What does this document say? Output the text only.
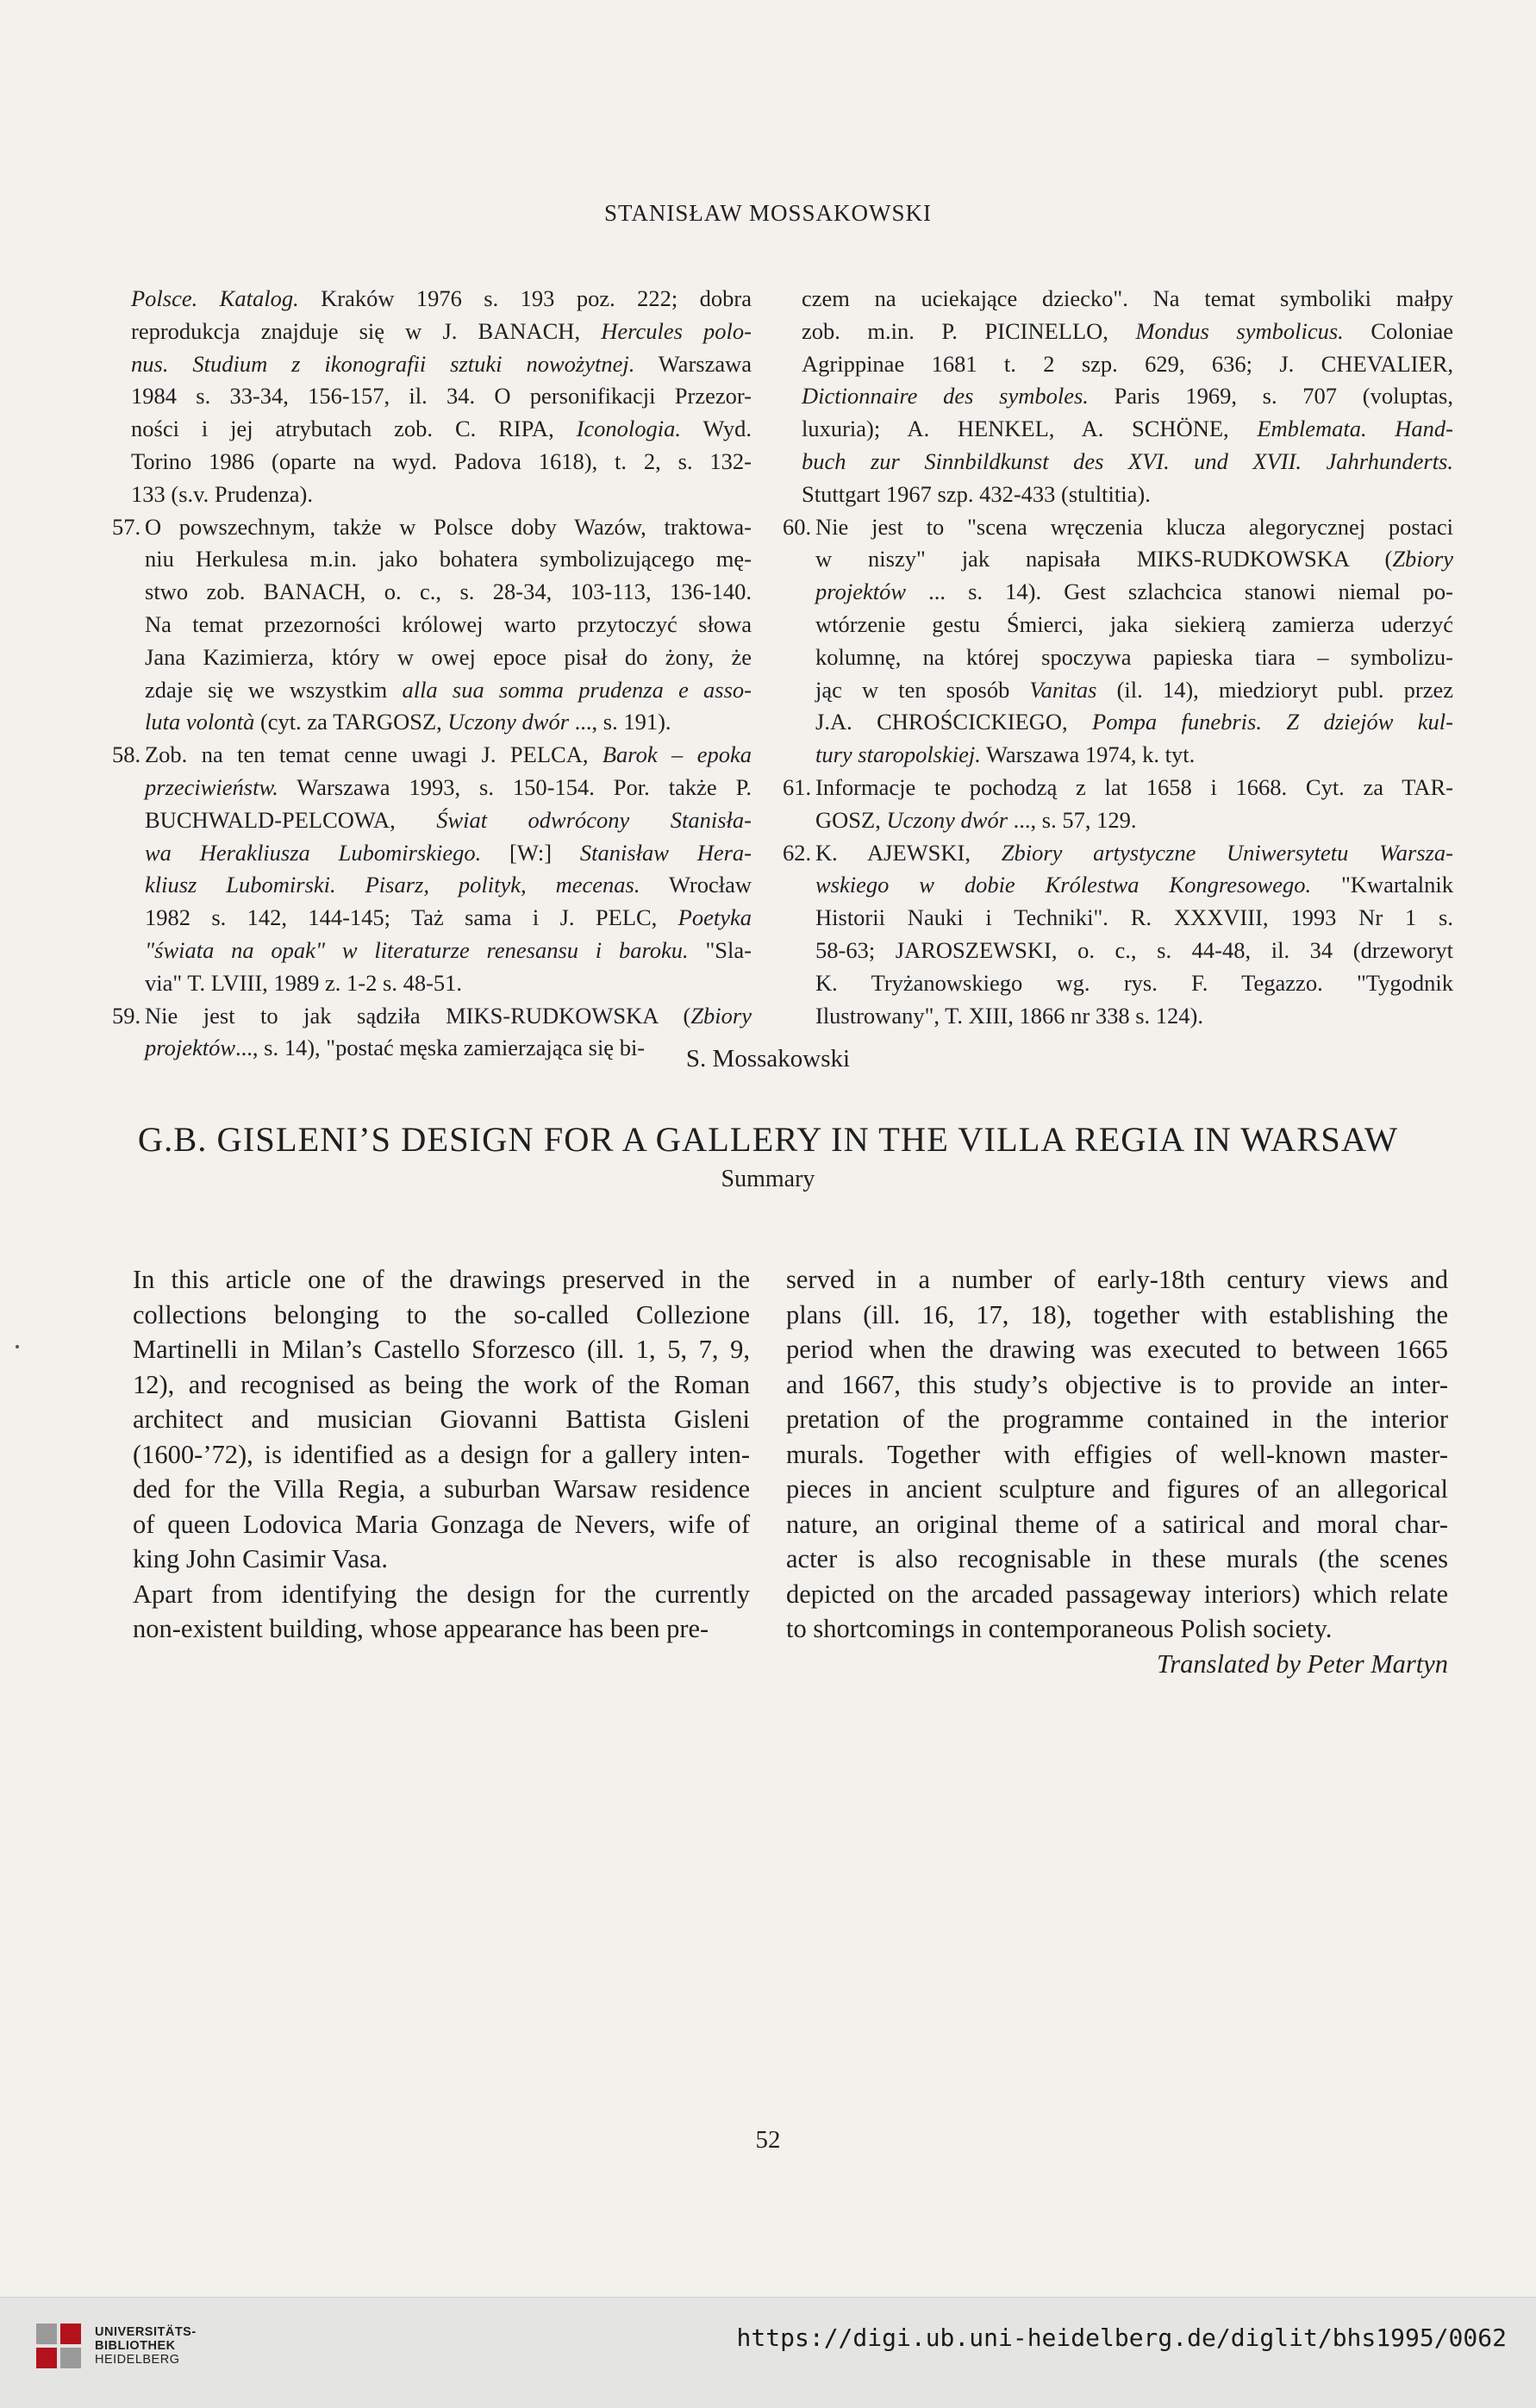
STANISŁAW MOSSAKOWSKI
Polsce. Katalog. Kraków 1976 s. 193 poz. 222; dobra
reprodukcja znajduje się w J. BANACH, Hercules polo-
nus. Studium z ikonografii sztuki nowożytnej. Warszawa
1984 s. 33-34, 156-157, il. 34. O personifikacji Przezor-
ności i jej atrybutach zob. C. RIPA, Iconologia. Wyd.
Torino 1986 (oparte na wyd. Padova 1618), t. 2, s. 132-
133 (s.v. Prudenza).
57. O powszechnym, także w Polsce doby Wazów, traktowa-
niu Herkulesa m.in. jako bohatera symbolizującego mę-
stwo zob. BANACH, o. c., s. 28-34, 103-113, 136-140.
Na temat przezorności królowej warto przytoczyć słowa
Jana Kazimierza, który w owej epoce pisał do żony, że
zdaje się we wszystkim alla sua somma prudenza e asso-
luta volontà (cyt. za TARGOSZ, Uczony dwór ..., s. 191).
58. Zob. na ten temat cenne uwagi J. PELCA, Barok – epoka
przeciwieństw. Warszawa 1993, s. 150-154. Por. także P.
BUCHWALD-PELCOWA, Świat odwrócony Stanisła-
wa Herakliusza Lubomirskiego. [W:] Stanisław Hera-
kliusz Lubomirski. Pisarz, polityk, mecenas. Wrocław
1982 s. 142, 144-145; Taż sama i J. PELC, Poetyka
"świata na opak" w literaturze renesansu i baroku. "Sla-
via" T. LVIII, 1989 z. 1-2 s. 48-51.
59. Nie jest to jak sądziła MIKS-RUDKOWSKA (Zbiory
projektów..., s. 14), "postać męska zamierzająca się bi-
czem na uciekające dziecko". Na temat symboliki małpy
zob. m.in. P. PICINELLO, Mondus symbolicus. Coloniae
Agrippinae 1681 t. 2 szp. 629, 636; J. CHEVALIER,
Dictionnaire des symboles. Paris 1969, s. 707 (voluptas,
luxuria); A. HENKEL, A. SCHÖNE, Emblemata. Hand-
buch zur Sinnbildkunst des XVI. und XVII. Jahrhunderts.
Stuttgart 1967 szp. 432-433 (stultitia).
60. Nie jest to "scena wręczenia klucza alegorycznej postaci
w niszy" jak napisała MIKS-RUDKOWSKA (Zbiory
projektów ... s. 14). Gest szlachcica stanowi niemal po-
wtórzenie gestu Śmierci, jaka siekierą zamierza uderzyć
kolumnę, na której spoczywa papieska tiara – symbolizu-
jąc w ten sposób Vanitas (il. 14), miedzioryt publ. przez
J.A. CHROŚCICKIEGO, Pompa funebris. Z dziejów kul-
tury staropolskiej. Warszawa 1974, k. tyt.
61. Informacje te pochodzą z lat 1658 i 1668. Cyt. za TAR-
GOSZ, Uczony dwór ..., s. 57, 129.
62. K. AJEWSKI, Zbiory artystyczne Uniwersytetu Warsza-
wskiego w dobie Królestwa Kongresowego. "Kwartalnik
Historii Nauki i Techniki". R. XXXVIII, 1993 Nr 1 s.
58-63; JAROSZEWSKI, o. c., s. 44-48, il. 34 (drzeworyt
K. Tryżanowskiego wg. rys. F. Tegazzo. "Tygodnik
Ilustrowany", T. XIII, 1866 nr 338 s. 124).
S. Mossakowski
G.B. GISLENI’S DESIGN FOR A GALLERY IN THE VILLA REGIA IN WARSAW
Summary
In this article one of the drawings preserved in the
collections belonging to the so-called Collezione
Martinelli in Milan’s Castello Sforzesco (ill. 1, 5, 7, 9,
12), and recognised as being the work of the Roman
architect and musician Giovanni Battista Gisleni
(1600-’72), is identified as a design for a gallery inten-
ded for the Villa Regia, a suburban Warsaw residence
of queen Lodovica Maria Gonzaga de Nevers, wife of
king John Casimir Vasa.
Apart from identifying the design for the currently
non-existent building, whose appearance has been pre-
served in a number of early-18th century views and
plans (ill. 16, 17, 18), together with establishing the
period when the drawing was executed to between 1665
and 1667, this study’s objective is to provide an inter-
pretation of the programme contained in the interior
murals. Together with effigies of well-known master-
pieces in ancient sculpture and figures of an allegorical
nature, an original theme of a satirical and moral char-
acter is also recognisable in these murals (the scenes
depicted on the arcaded passageway interiors) which relate
to shortcomings in contemporaneous Polish society.
Translated by Peter Martyn
52
UNIVERSITÄTS-
BIBLIOTHEK
HEIDELBERG
https://digi.ub.uni-heidelberg.de/diglit/bhs1995/0062
